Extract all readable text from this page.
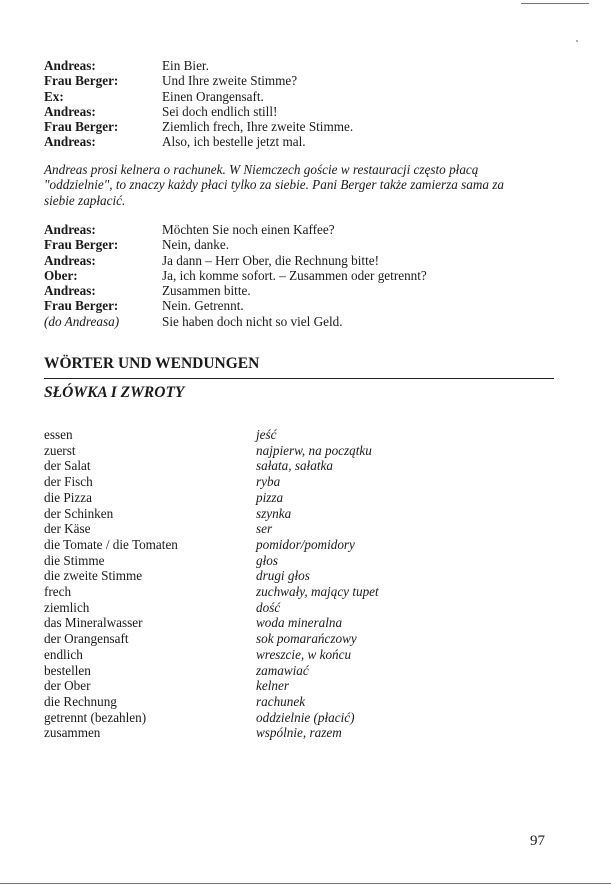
Andreas:	Ein Bier.
Frau Berger:	Und Ihre zweite Stimme?
Ex:	Einen Orangensaft.
Andreas:	Sei doch endlich still!
Frau Berger:	Ziemlich frech, Ihre zweite Stimme.
Andreas:	Also, ich bestelle jetzt mal.

Andreas prosi kelnera o rachunek. W Niemczech goście w restauracji często płacą "oddzielnie", to znaczy każdy płaci tylko za siebie. Pani Berger także zamierza sama za siebie zapłacić.

Andreas:	Möchten Sie noch einen Kaffee?
Frau Berger:	Nein, danke.
Andreas:	Ja dann – Herr Ober, die Rechnung bitte!
Ober:	Ja, ich komme sofort. – Zusammen oder getrennt?
Andreas:	Zusammen bitte.
Frau Berger:	Nein. Getrennt.
(do Andreasa)	Sie haben doch nicht so viel Geld.
WÖRTER UND WENDUNGEN
SŁÓWKA I ZWROTY
essen	jeść
zuerst	najpierw, na początku
der Salat	sałata, sałatka
der Fisch	ryba
die Pizza	pizza
der Schinken	szynka
der Käse	ser
die Tomate / die Tomaten	pomidor/pomidory
die Stimme	głos
die zweite Stimme	drugi głos
frech	zuchwały, mający tupet
ziemlich	dość
das Mineralwasser	woda mineralna
der Orangensaft	sok pomarańczowy
endlich	wreszcie, w końcu
bestellen	zamawiać
der Ober	kelner
die Rechnung	rachunek
getrennt (bezahlen)	oddzielnie (płacić)
zusammen	wspólnie, razem
97
